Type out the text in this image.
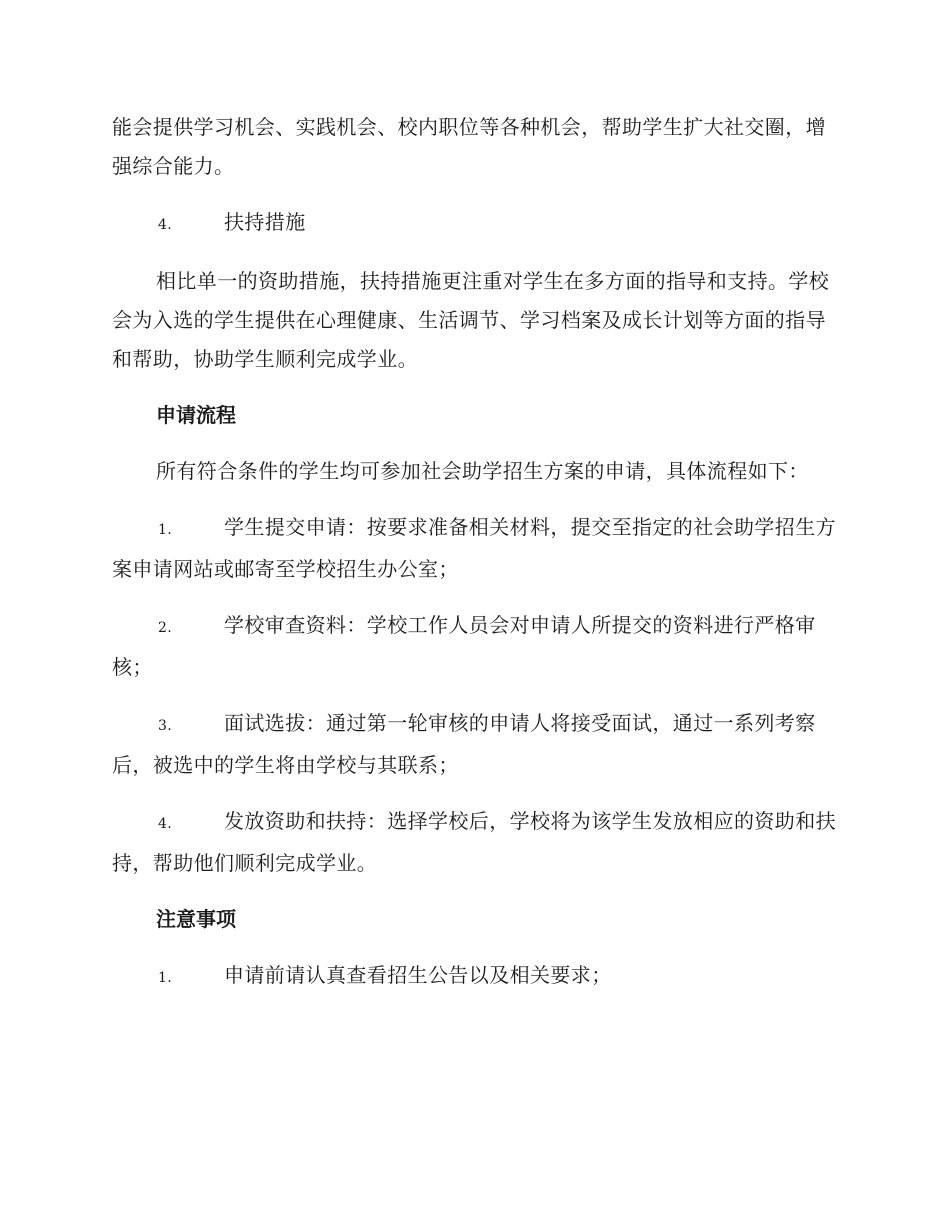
能会提供学习机会、实践机会、校内职位等各种机会，帮助学生扩大社交圈，增强综合能力。

4.	扶持措施

相比单一的资助措施，扶持措施更注重对学生在多方面的指导和支持。学校会为入选的学生提供在心理健康、生活调节、学习档案及成长计划等方面的指导和帮助，协助学生顺利完成学业。

申请流程

所有符合条件的学生均可参加社会助学招生方案的申请，具体流程如下：

1.	学生提交申请：按要求准备相关材料，提交至指定的社会助学招生方案申请网站或邮寄至学校招生办公室；

2.	学校审查资料：学校工作人员会对申请人所提交的资料进行严格审核；

3.	面试选拔：通过第一轮审核的申请人将接受面试，通过一系列考察后，被选中的学生将由学校与其联系；

4.	发放资助和扶持：选择学校后，学校将为该学生发放相应的资助和扶持，帮助他们顺利完成学业。

注意事项

1.	申请前请认真查看招生公告以及相关要求；
